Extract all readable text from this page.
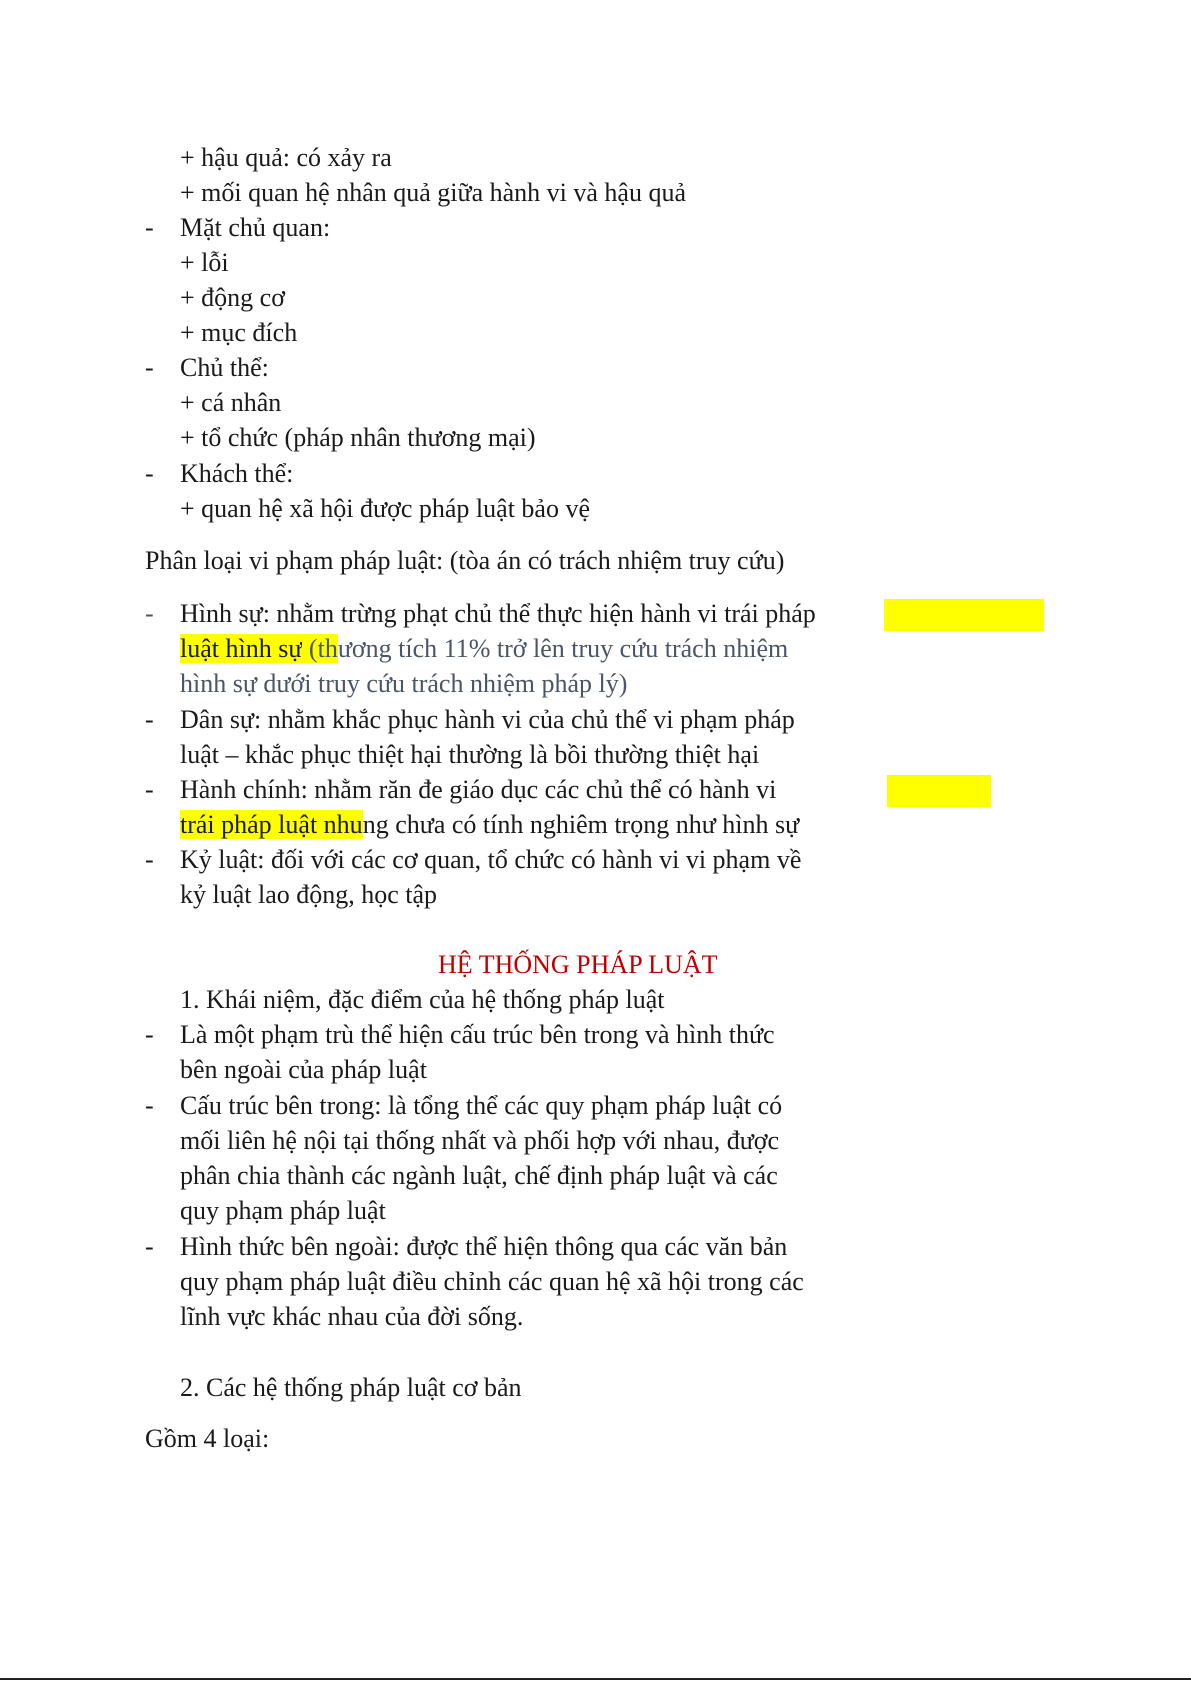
+ hậu quả: có xảy ra
+ mối quan hệ nhân quả giữa hành vi và hậu quả
- Mặt chủ quan:
+ lỗi
+ động cơ
+ mục đích
- Chủ thể:
+ cá nhân
+ tổ chức (pháp nhân thương mại)
- Khách thể:
+ quan hệ xã hội được pháp luật bảo vệ
Phân loại vi phạm pháp luật: (tòa án có trách nhiệm truy cứu)
- Hình sự: nhằm trừng phạt chủ thể thực hiện hành vi trái pháp
luật hình sự (thương tích 11% trở lên truy cứu trách nhiệm
hình sự dưới truy cứu trách nhiệm pháp lý)
- Dân sự: nhằm khắc phục hành vi của chủ thể vi phạm pháp
luật – khắc phục thiệt hại thường là bồi thường thiệt hại
- Hành chính: nhằm răn đe giáo dục các chủ thể có hành vi
trái pháp luật nhung chưa có tính nghiêm trọng như hình sự
- Kỷ luật: đối với các cơ quan, tổ chức có hành vi vi phạm về
kỷ luật lao động, học tập
HỆ THỐNG PHÁP LUẬT
1. Khái niệm, đặc điểm của hệ thống pháp luật
- Là một phạm trù thể hiện cấu trúc bên trong và hình thức
bên ngoài của pháp luật
- Cấu trúc bên trong: là tổng thể các quy phạm pháp luật có
mối liên hệ nội tại thống nhất và phối hợp với nhau, được
phân chia thành các ngành luật, chế định pháp luật và các
quy phạm pháp luật
- Hình thức bên ngoài: được thể hiện thông qua các văn bản
quy phạm pháp luật điều chỉnh các quan hệ xã hội trong các
lĩnh vực khác nhau của đời sống.
2. Các hệ thống pháp luật cơ bản
Gồm 4 loại:
